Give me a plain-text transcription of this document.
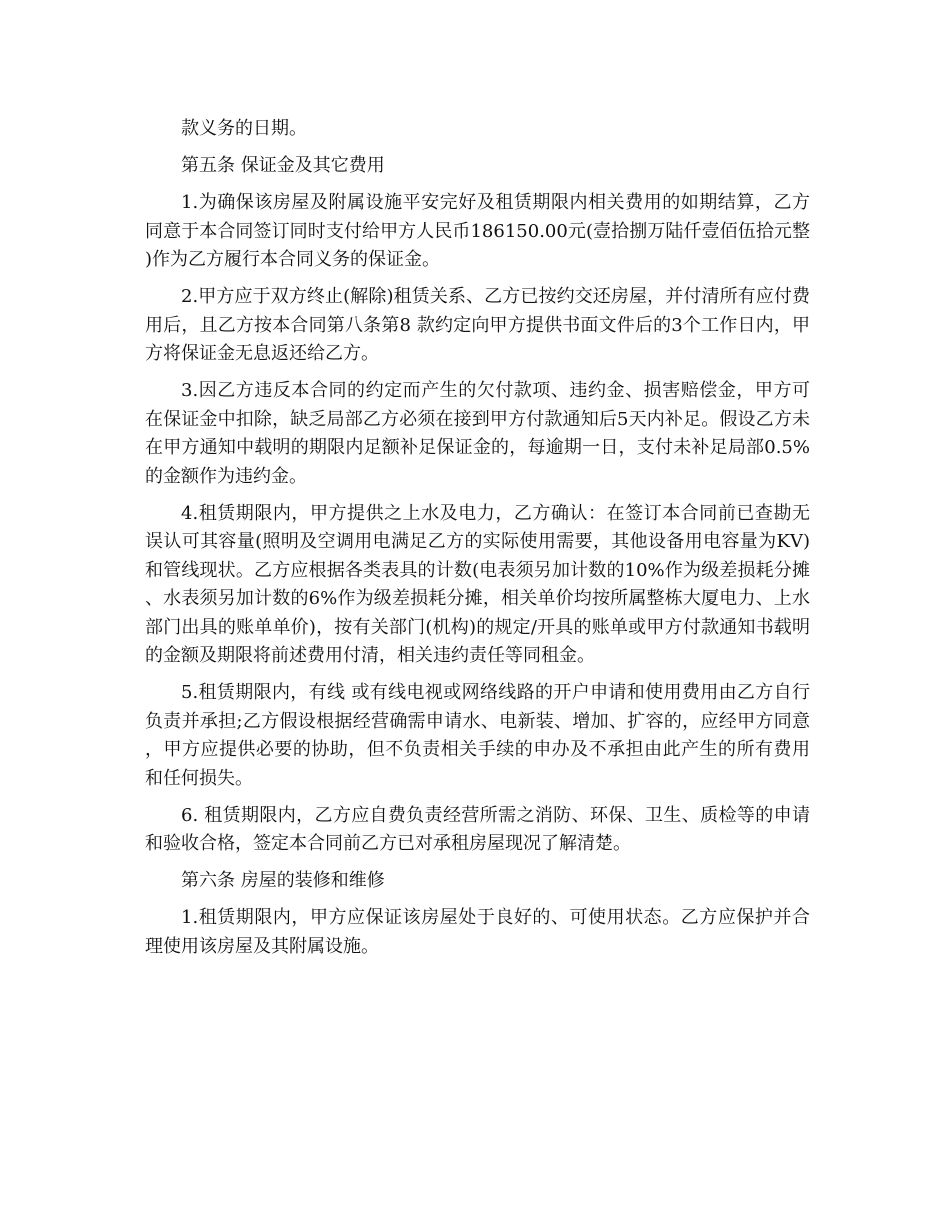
款义务的日期。

第五条 保证金及其它费用

1.为确保该房屋及附属设施平安完好及租赁期限内相关费用的如期结算，乙方同意于本合同签订同时支付给甲方人民币186150.00元(壹拾捌万陆仟壹佰伍拾元整)作为乙方履行本合同义务的保证金。

2.甲方应于双方终止(解除)租赁关系、乙方已按约交还房屋，并付清所有应付费用后，且乙方按本合同第八条第8 款约定向甲方提供书面文件后的3个工作日内，甲方将保证金无息返还给乙方。

3.因乙方违反本合同的约定而产生的欠付款项、违约金、损害赔偿金，甲方可在保证金中扣除，缺乏局部乙方必须在接到甲方付款通知后5天内补足。假设乙方未在甲方通知中载明的期限内足额补足保证金的，每逾期一日，支付未补足局部0.5%的金额作为违约金。

4.租赁期限内，甲方提供之上水及电力，乙方确认：在签订本合同前已查勘无误认可其容量(照明及空调用电满足乙方的实际使用需要，其他设备用电容量为KV)和管线现状。乙方应根据各类表具的计数(电表须另加计数的10%作为级差损耗分摊、水表须另加计数的6%作为级差损耗分摊，相关单价均按所属整栋大厦电力、上水部门出具的账单单价)，按有关部门(机构)的规定/开具的账单或甲方付款通知书载明的金额及期限将前述费用付清，相关违约责任等同租金。

5.租赁期限内，有线 或有线电视或网络线路的开户申请和使用费用由乙方自行负责并承担;乙方假设根据经营确需申请水、电新装、增加、扩容的，应经甲方同意，甲方应提供必要的协助，但不负责相关手续的申办及不承担由此产生的所有费用和任何损失。

6. 租赁期限内，乙方应自费负责经营所需之消防、环保、卫生、质检等的申请和验收合格，签定本合同前乙方已对承租房屋现况了解清楚。

第六条 房屋的装修和维修

1.租赁期限内，甲方应保证该房屋处于良好的、可使用状态。乙方应保护并合理使用该房屋及其附属设施。
